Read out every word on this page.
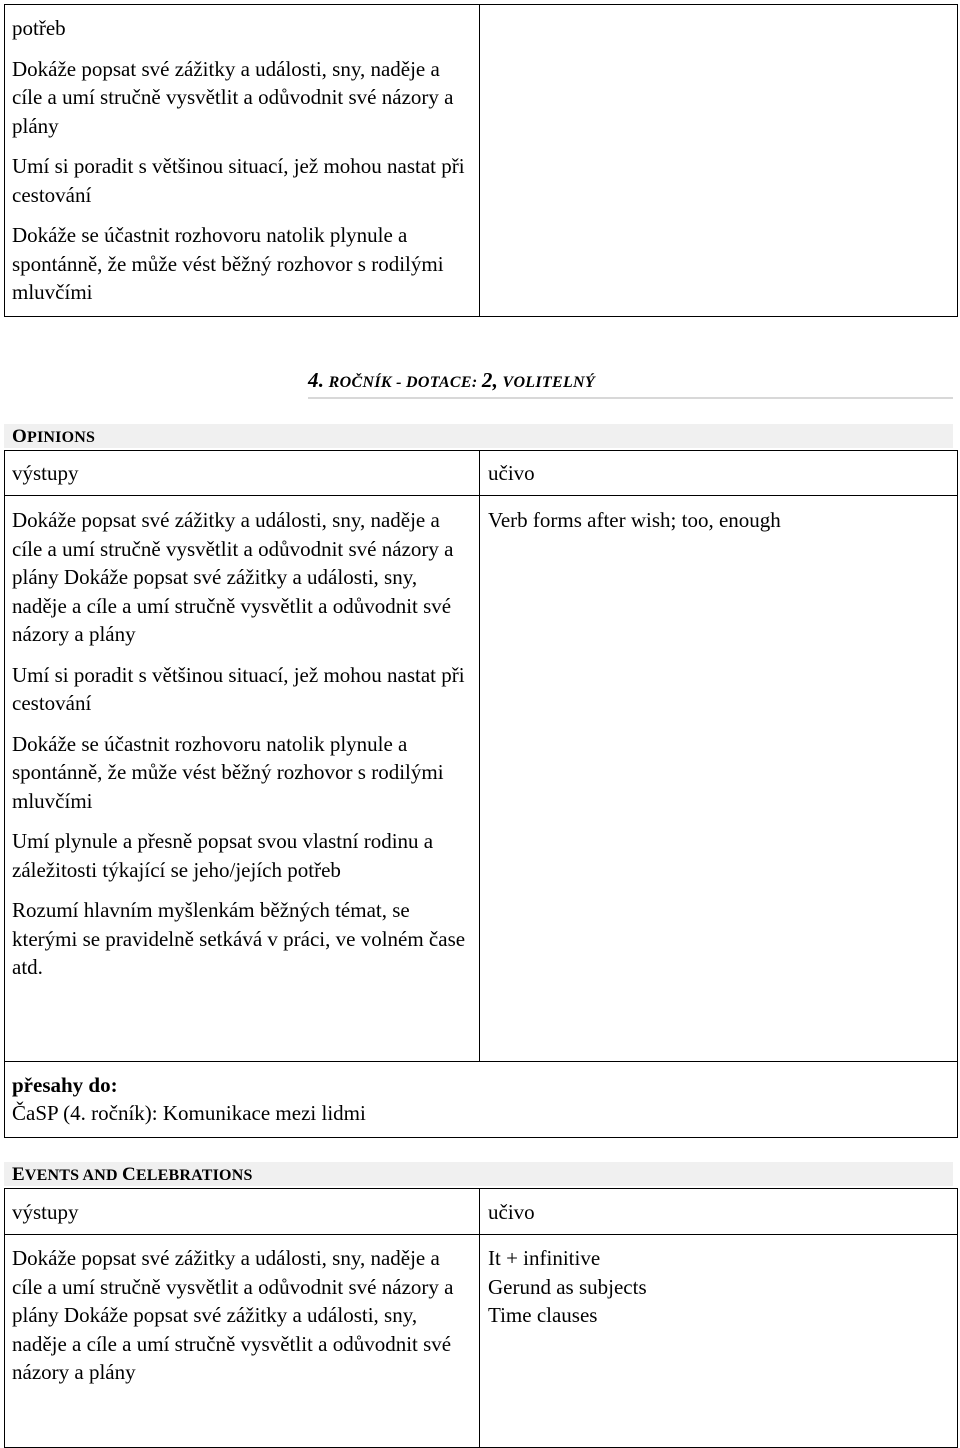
potřeb

Dokáže popsat své zážitky a události, sny, naděje a cíle a umí stručně vysvětlit a odůvodnit své názory a plány

Umí si poradit s většinou situací, jež mohou nastat při cestování

Dokáže se účastnit rozhovoru natolik plynule a spontánně, že může vést běžný rozhovor s rodilými mluvčími

4. ROČNÍK - DOTACE: 2, VOLITELNÝ
OPINIONS
výstupy	učivo

Dokáže popsat své zážitky a události, sny, naděje a cíle a umí stručně vysvětlit a odůvodnit své názory a plány Dokáže popsat své zážitky a události, sny, naděje a cíle a umí stručně vysvětlit a odůvodnit své názory a plány

Umí si poradit s většinou situací, jež mohou nastat při cestování

Dokáže se účastnit rozhovoru natolik plynule a spontánně, že může vést běžný rozhovor s rodilými mluvčími

Umí plynule a přesně popsat svou vlastní rodinu a záležitosti týkající se jeho/jejích potřeb

Rozumí hlavním myšlenkám běžných témat, se kterými se pravidelně setkává v práci, ve volném čase atd.

Verb forms after wish; too, enough
přesahy do:
ČaSP (4. ročník): Komunikace mezi lidmi
EVENTS AND CELEBRATIONS
výstupy	učivo

Dokáže popsat své zážitky a události, sny, naděje a cíle a umí stručně vysvětlit a odůvodnit své názory a plány Dokáže popsat své zážitky a události, sny, naděje a cíle a umí stručně vysvětlit a odůvodnit své názory a plány

It + infinitive
Gerund as subjects
Time clauses
